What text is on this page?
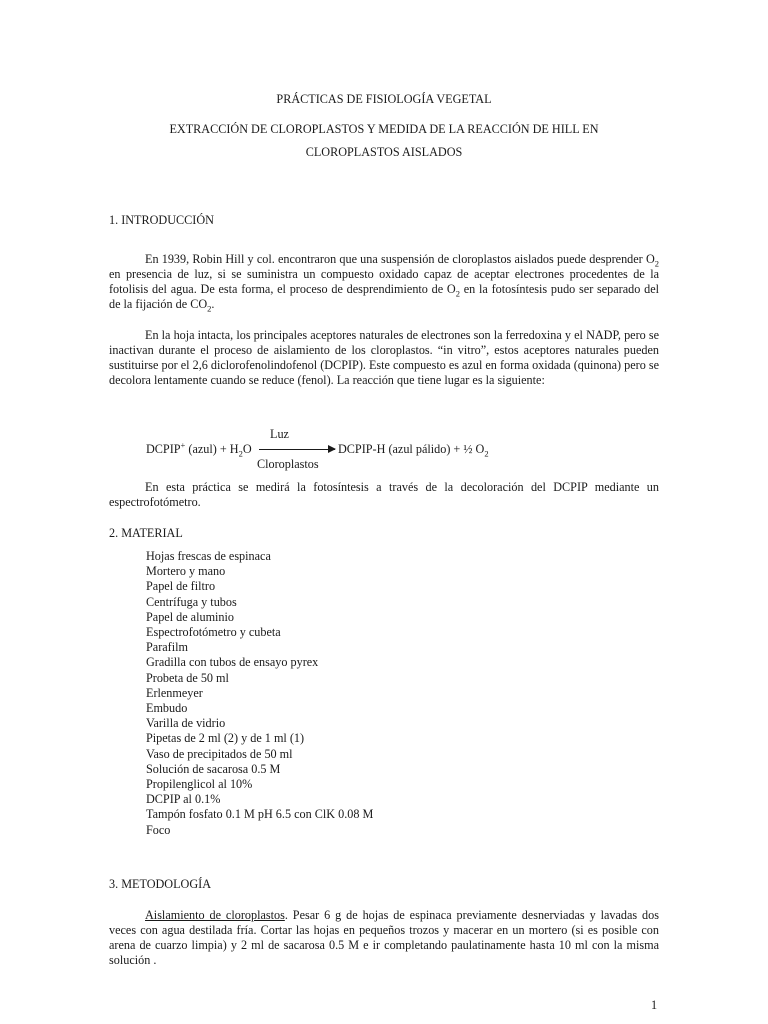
PRÁCTICAS DE FISIOLOGÍA VEGETAL
EXTRACCIÓN DE CLOROPLASTOS Y MEDIDA DE LA REACCIÓN DE HILL EN
CLOROPLASTOS AISLADOS
1. INTRODUCCIÓN
En 1939, Robin Hill y col. encontraron que una suspensión de cloroplastos aislados puede desprender $O_2$ en presencia de luz, si se suministra un compuesto oxidado capaz de aceptar electrones procedentes de la fotolisis del agua. De esta forma, el proceso de desprendimiento de $O_2$ en la fotosíntesis pudo ser separado del de la fijación de $CO_2$.
En la hoja intacta, los principales aceptores naturales de electrones son la ferredoxina y el NADP, pero se inactivan durante el proceso de aislamiento de los cloroplastos. “in vitro”, estos aceptores naturales pueden sustituirse por el 2,6 diclorofenolindofenol (DCPIP). Este compuesto es azul en forma oxidada (quinona) pero se decolora lentamente cuando se reduce (fenol). La reacción que tiene lugar es la siguiente:
Luz
DCPIP+ (azul) + $H_2O$	DCPIP-H (azul pálido) + ½ $O_2$
Cloroplastos
En esta práctica se medirá la fotosíntesis a través de la decoloración del DCPIP mediante un espectrofotómetro.
2. MATERIAL
Hojas frescas de espinaca
Mortero y mano
Papel de filtro
Centrífuga y tubos
Papel de aluminio
Espectrofotómetro y cubeta
Parafilm
Gradilla con tubos de ensayo pyrex
Probeta de 50 ml
Erlenmeyer
Embudo
Varilla de vidrio
Pipetas de 2 ml (2) y de 1 ml (1)
Vaso de precipitados de 50 ml
Solución de sacarosa 0.5 M
Propilenglicol al 10%
DCPIP al 0.1%
Tampón fosfato 0.1 M pH 6.5 con ClK 0.08 M
Foco
3. METODOLOGÍA
Aislamiento de cloroplastos. Pesar 6 g de hojas de espinaca previamente desnerviadas y lavadas dos veces con agua destilada fría. Cortar las hojas en pequeños trozos y macerar en un mortero (si es posible con arena de cuarzo limpia) y 2 ml de sacarosa 0.5 M e ir completando paulatinamente hasta 10 ml con la misma solución .
1
